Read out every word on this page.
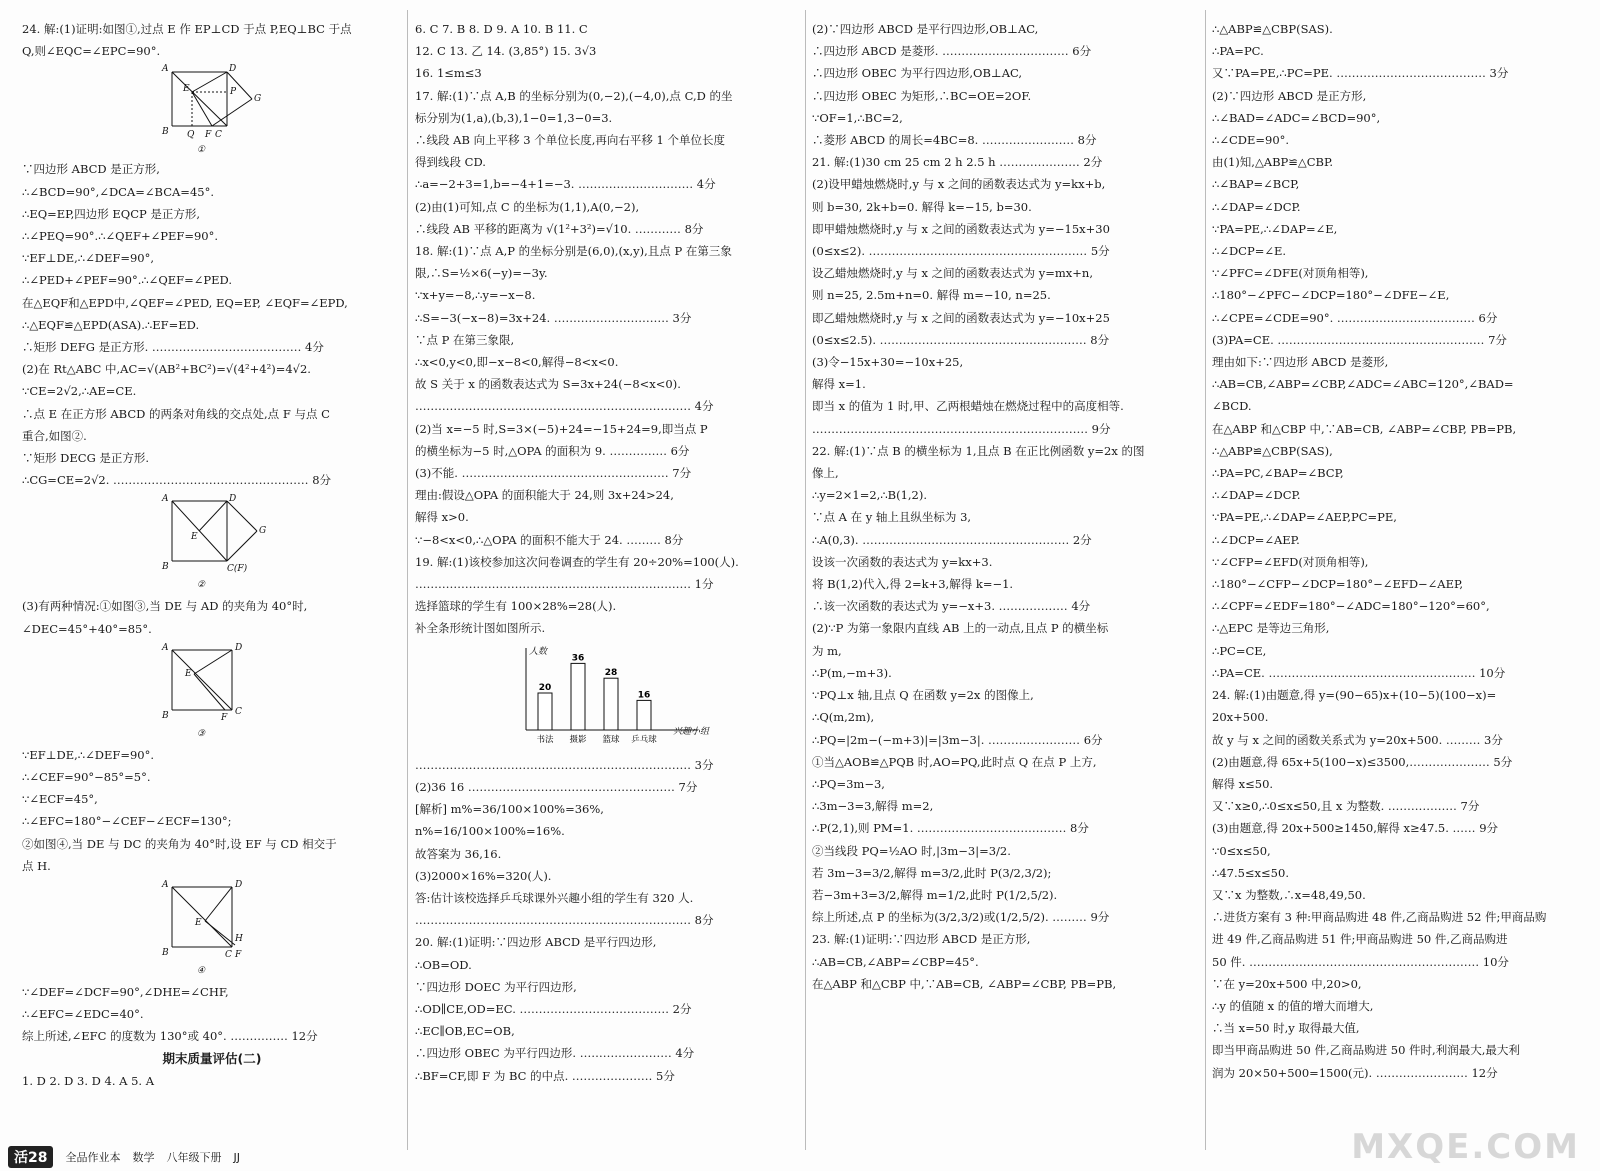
24. 解:(1)证明:如图①,过点 E 作 EP⊥CD 于点 P,EQ⊥BC 于点
Q,则∠EQC=∠EPC=90°.
A
B	C
D
E
F
G
P
Q
①
∵四边形 ABCD 是正方形,
∴∠BCD=90°,∠DCA=∠BCA=45°.
∴EQ=EP,四边形 EQCP 是正方形,
∴∠PEQ=90°.∴∠QEF+∠PEF=90°.
∵EF⊥DE,∴∠DEF=90°,
∴∠PED+∠PEF=90°.∴∠QEF=∠PED.
在△EQF和△EPD中,∠QEF=∠PED, EQ=EP, ∠EQF=∠EPD,
∴△EQF≌△EPD(ASA).∴EF=ED.
∴矩形 DEFG 是正方形. ………………………………… 4分
(2)在 Rt△ABC 中,AC=√(AB²+BC²)=√(4²+4²)=4√2.
∵CE=2√2,∴AE=CE.
∴点 E 在正方形 ABCD 的两条对角线的交点处,点 F 与点 C
重合,如图②.
∵矩形 DECG 是正方形.
∴CG=CE=2√2. …………………………………………… 8分
A
B	C(F)
D
E
G
②
(3)有两种情况:①如图③,当 DE 与 AD 的夹角为 40°时,
∠DEC=45°+40°=85°.
A
B	C
D
E
F
③
∵EF⊥DE,∴∠DEF=90°.
∴∠CEF=90°−85°=5°.
∵∠ECF=45°,
∴∠EFC=180°−∠CEF−∠ECF=130°;
②如图④,当 DE 与 DC 的夹角为 40°时,设 EF 与 CD 相交于
点 H.
A
B	C
D
E
F
H
④
∵∠DEF=∠DCF=90°,∠DHE=∠CHF,
∴∠EFC=∠EDC=40°.
综上所述,∠EFC 的度数为 130°或 40°. …………… 12分
期末质量评估(二)
1. D 2. D 3. D 4. A 5. A
6. C 7. B 8. D 9. A 10. B 11. C
12. C 13. 乙 14. (3,85°) 15. 3√3
16. 1≤m≤3
17. 解:(1)∵点 A,B 的坐标分别为(0,−2),(−4,0),点 C,D 的坐
标分别为(1,a),(b,3),1−0=1,3−0=3.
∴线段 AB 向上平移 3 个单位长度,再向右平移 1 个单位长度
得到线段 CD.
∴a=−2+3=1,b=−4+1=−3. ………………………… 4分
(2)由(1)可知,点 C 的坐标为(1,1),A(0,−2),
∴线段 AB 平移的距离为 √(1²+3²)=√10. ………… 8分
18. 解:(1)∵点 A,P 的坐标分别是(6,0),(x,y),且点 P 在第三象
限,∴S=½×6(−y)=−3y.
∵x+y=−8,∴y=−x−8.
∴S=−3(−x−8)=3x+24. ………………………… 3分
∵点 P 在第三象限,
∴x<0,y<0,即−x−8<0,解得−8<x<0.
故 S 关于 x 的函数表达式为 S=3x+24(−8<x<0).
……………………………………………………………… 4分
(2)当 x=−5 时,S=3×(−5)+24=−15+24=9,即当点 P
的横坐标为−5 时,△OPA 的面积为 9. …………… 6分
(3)不能. ……………………………………………… 7分
理由:假设△OPA 的面积能大于 24,则 3x+24>24,
解得 x>0.
∵−8<x<0,∴△OPA 的面积不能大于 24. ……… 8分
19. 解:(1)该校参加这次问卷调查的学生有 20÷20%=100(人).
……………………………………………………………… 1分
选择篮球的学生有 100×28%=28(人).
补全条形统计图如图所示.
人数
兴趣小组
20
书法
36
摄影
28
篮球
16
乒乓球
……………………………………………………………… 3分
(2)36 16 ……………………………………………… 7分
[解析] m%=36/100×100%=36%,
n%=16/100×100%=16%.
故答案为 36,16.
(3)2000×16%=320(人).
答:估计该校选择乒乓球课外兴趣小组的学生有 320 人.
……………………………………………………………… 8分
20. 解:(1)证明:∵四边形 ABCD 是平行四边形,
∴OB=OD.
∵四边形 DOEC 为平行四边形,
∴OD∥CE,OD=EC. ………………………………… 2分
∴EC∥OB,EC=OB,
∴四边形 OBEC 为平行四边形. …………………… 4分
∴BF=CF,即 F 为 BC 的中点. ………………… 5分
(2)∵四边形 ABCD 是平行四边形,OB⊥AC,
∴四边形 ABCD 是菱形. …………………………… 6分
∴四边形 OBEC 为平行四边形,OB⊥AC,
∴四边形 OBEC 为矩形,∴BC=OE=2OF.
∵OF=1,∴BC=2,
∴菱形 ABCD 的周长=4BC=8. …………………… 8分
21. 解:(1)30 cm 25 cm 2 h 2.5 h ………………… 2分
(2)设甲蜡烛燃烧时,y 与 x 之间的函数表达式为 y=kx+b,
则 b=30, 2k+b=0. 解得 k=−15, b=30.
即甲蜡烛燃烧时,y 与 x 之间的函数表达式为 y=−15x+30
(0≤x≤2). ………………………………………………… 5分
设乙蜡烛燃烧时,y 与 x 之间的函数表达式为 y=mx+n,
则 n=25, 2.5m+n=0. 解得 m=−10, n=25.
即乙蜡烛燃烧时,y 与 x 之间的函数表达式为 y=−10x+25
(0≤x≤2.5). ……………………………………………… 8分
(3)令−15x+30=−10x+25,
解得 x=1.
即当 x 的值为 1 时,甲、乙两根蜡烛在燃烧过程中的高度相等.
……………………………………………………………… 9分
22. 解:(1)∵点 B 的横坐标为 1,且点 B 在正比例函数 y=2x 的图
像上,
∴y=2×1=2,∴B(1,2).
∵点 A 在 y 轴上且纵坐标为 3,
∴A(0,3). ……………………………………………… 2分
设该一次函数的表达式为 y=kx+3.
将 B(1,2)代入,得 2=k+3,解得 k=−1.
∴该一次函数的表达式为 y=−x+3. ……………… 4分
(2)∵P 为第一象限内直线 AB 上的一动点,且点 P 的横坐标
为 m,
∴P(m,−m+3).
∵PQ⊥x 轴,且点 Q 在函数 y=2x 的图像上,
∴Q(m,2m),
∴PQ=|2m−(−m+3)|=|3m−3|. …………………… 6分
①当△AOB≌△PQB 时,AO=PQ,此时点 Q 在点 P 上方,
∴PQ=3m−3,
∴3m−3=3,解得 m=2,
∴P(2,1),则 PM=1. ………………………………… 8分
②当线段 PQ=½AO 时,|3m−3|=3/2.
若 3m−3=3/2,解得 m=3/2,此时 P(3/2,3/2);
若−3m+3=3/2,解得 m=1/2,此时 P(1/2,5/2).
综上所述,点 P 的坐标为(3/2,3/2)或(1/2,5/2). ……… 9分
23. 解:(1)证明:∵四边形 ABCD 是正方形,
∴AB=CB,∠ABP=∠CBP=45°.
在△ABP 和△CBP 中,∵AB=CB, ∠ABP=∠CBP, PB=PB,
∴△ABP≌△CBP(SAS).
∴PA=PC.
又∵PA=PE,∴PC=PE. ………………………………… 3分
(2)∵四边形 ABCD 是正方形,
∴∠BAD=∠ADC=∠BCD=90°,
∴∠CDE=90°.
由(1)知,△ABP≌△CBP.
∴∠BAP=∠BCP,
∴∠DAP=∠DCP.
∵PA=PE,∴∠DAP=∠E,
∴∠DCP=∠E.
∵∠PFC=∠DFE(对顶角相等),
∴180°−∠PFC−∠DCP=180°−∠DFE−∠E,
∴∠CPE=∠CDE=90°. ……………………………… 6分
(3)PA=CE. ……………………………………………… 7分
理由如下:∵四边形 ABCD 是菱形,
∴AB=CB,∠ABP=∠CBP,∠ADC=∠ABC=120°,∠BAD=
∠BCD.
在△ABP 和△CBP 中,∵AB=CB, ∠ABP=∠CBP, PB=PB,
∴△ABP≌△CBP(SAS),
∴PA=PC,∠BAP=∠BCP,
∴∠DAP=∠DCP.
∵PA=PE,∴∠DAP=∠AEP,PC=PE,
∴∠DCP=∠AEP.
∵∠CFP=∠EFD(对顶角相等),
∴180°−∠CFP−∠DCP=180°−∠EFD−∠AEP,
∴∠CPF=∠EDF=180°−∠ADC=180°−120°=60°,
∴△EPC 是等边三角形,
∴PC=CE,
∴PA=CE. ……………………………………………… 10分
24. 解:(1)由题意,得 y=(90−65)x+(10−5)(100−x)=
20x+500.
故 y 与 x 之间的函数关系式为 y=20x+500. ……… 3分
(2)由题意,得 65x+5(100−x)≤3500,………………… 5分
解得 x≤50.
又∵x≥0,∴0≤x≤50,且 x 为整数. ……………… 7分
(3)由题意,得 20x+500≥1450,解得 x≥47.5. …… 9分
∵0≤x≤50,
∴47.5≤x≤50.
又∵x 为整数,∴x=48,49,50.
∴进货方案有 3 种:甲商品购进 48 件,乙商品购进 52 件;甲商品购
进 49 件,乙商品购进 51 件;甲商品购进 50 件,乙商品购进
50 件. …………………………………………………… 10分
∵在 y=20x+500 中,20>0,
∴y 的值随 x 的值的增大而增大,
∴当 x=50 时,y 取得最大值,
即当甲商品购进 50 件,乙商品购进 50 件时,利润最大,最大利
润为 20×50+500=1500(元). …………………… 12分
活28	全品作业本 数学 八年级下册 JJ	MXQE.COM
